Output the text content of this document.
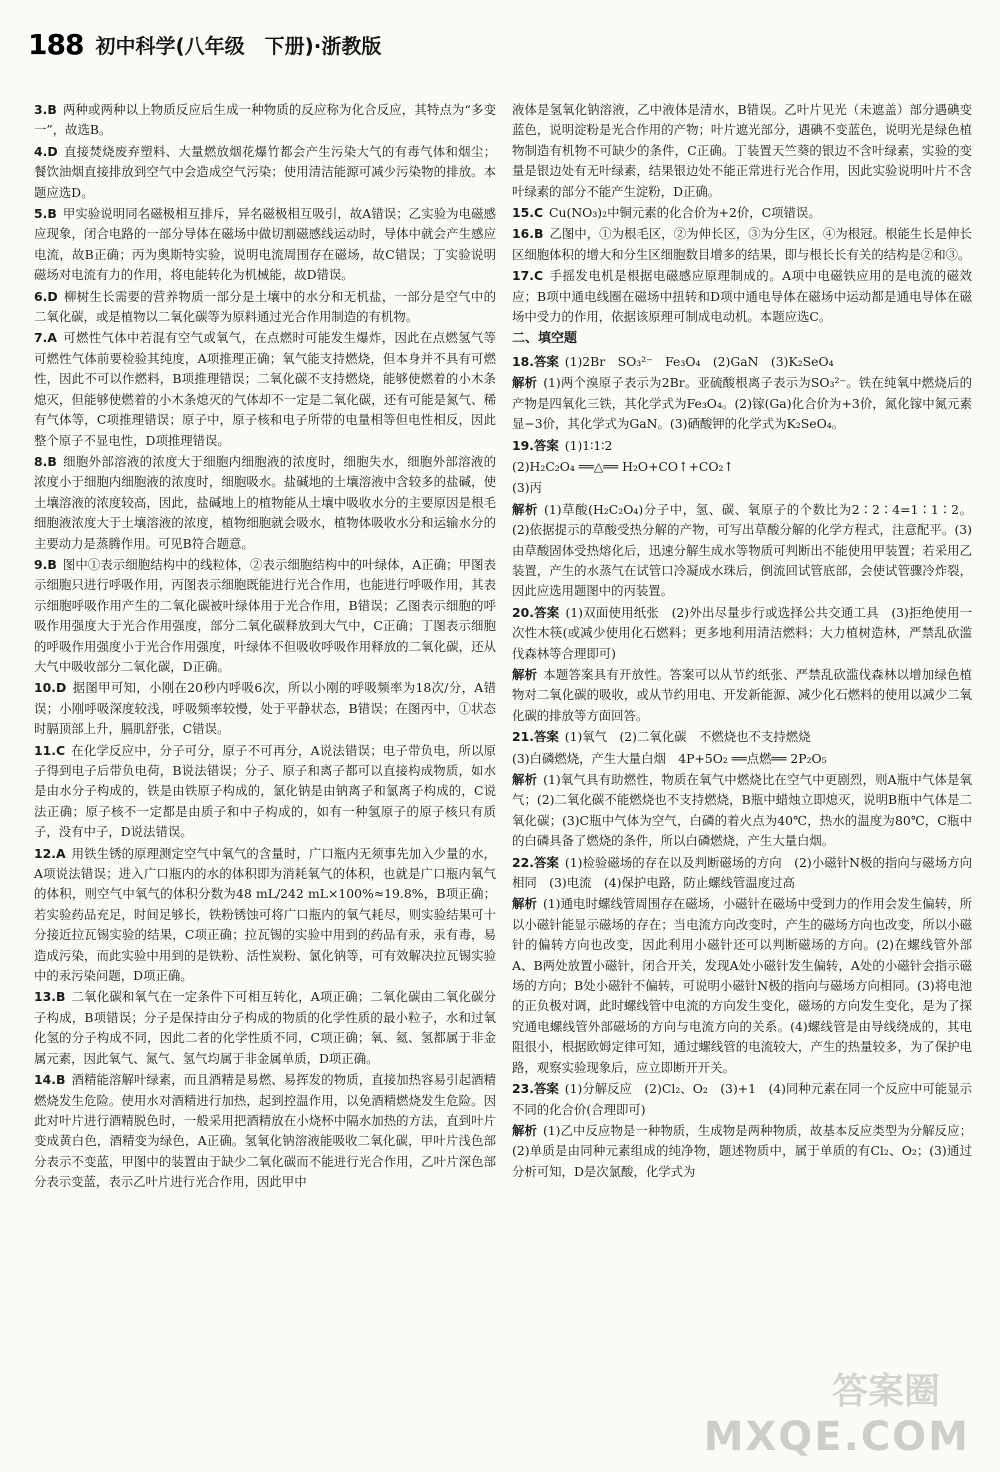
188 初中科学(八年级　下册)·浙教版

3.B 两种或两种以上物质反应后生成一种物质的反应称为化合反应，其特点为“多变一”，故选B。

4.D 直接焚烧废弃塑料、大量燃放烟花爆竹都会产生污染大气的有毒气体和烟尘；餐饮油烟直接排放到空气中会造成空气污染；使用清洁能源可减少污染物的排放。本题应选D。

5.B 甲实验说明同名磁极相互排斥，异名磁极相互吸引，故A错误；乙实验为电磁感应现象，闭合电路的一部分导体在磁场中做切割磁感线运动时，导体中就会产生感应电流，故B正确；丙为奥斯特实验，说明电流周围存在磁场，故C错误；丁实验说明磁场对电流有力的作用，将电能转化为机械能，故D错误。

6.D 柳树生长需要的营养物质一部分是土壤中的水分和无机盐，一部分是空气中的二氧化碳，或是植物以二氧化碳等为原料通过光合作用制造的有机物。

7.A 可燃性气体中若混有空气或氧气，在点燃时可能发生爆炸，因此在点燃氢气等可燃性气体前要检验其纯度，A项推理正确；氧气能支持燃烧，但本身并不具有可燃性，因此不可以作燃料，B项推理错误；二氧化碳不支持燃烧，能够使燃着的小木条熄灭，但能够使燃着的小木条熄灭的气体却不一定是二氧化碳，还有可能是氮气、稀有气体等，C项推理错误；原子中，原子核和电子所带的电量相等但电性相反，因此整个原子不显电性，D项推理错误。

8.B 细胞外部溶液的浓度大于细胞内细胞液的浓度时，细胞失水，细胞外部溶液的浓度小于细胞内细胞液的浓度时，细胞吸水。盐碱地的土壤溶液中含较多的盐碱，使土壤溶液的浓度较高，因此，盐碱地上的植物能从土壤中吸收水分的主要原因是根毛细胞液浓度大于土壤溶液的浓度，植物细胞就会吸水，植物体吸收水分和运输水分的主要动力是蒸腾作用。可见B符合题意。

9.B 图中①表示细胞结构中的线粒体，②表示细胞结构中的叶绿体，A正确；甲图表示细胞只进行呼吸作用，丙图表示细胞既能进行光合作用，也能进行呼吸作用，其表示细胞呼吸作用产生的二氧化碳被叶绿体用于光合作用，B错误；乙图表示细胞的呼吸作用强度大于光合作用强度，部分二氧化碳释放到大气中，C正确；丁图表示细胞的呼吸作用强度小于光合作用强度，叶绿体不但吸收呼吸作用释放的二氧化碳，还从大气中吸收部分二氧化碳，D正确。

10.D 据图甲可知，小刚在20秒内呼吸6次，所以小刚的呼吸频率为18次/分，A错误；小刚呼吸深度较浅，呼吸频率较慢，处于平静状态，B错误；在图丙中，①状态时膈顶部上升，膈肌舒张，C错误。

11.C 在化学反应中，分子可分，原子不可再分，A说法错误；电子带负电，所以原子得到电子后带负电荷，B说法错误；分子、原子和离子都可以直接构成物质，如水是由水分子构成的，铁是由铁原子构成的，氯化钠是由钠离子和氯离子构成的，C说法正确；原子核不一定都是由质子和中子构成的，如有一种氢原子的原子核只有质子，没有中子，D说法错误。

12.A 用铁生锈的原理测定空气中氧气的含量时，广口瓶内无须事先加入少量的水，A项说法错误；进入广口瓶内的水的体积即为消耗氧气的体积，也就是广口瓶内氧气的体积，则空气中氧气的体积分数为48 mL/242 mL×100%≈19.8%，B项正确；若实验药品充足，时间足够长，铁粉锈蚀可将广口瓶内的氧气耗尽，则实验结果可十分接近拉瓦锡实验的结果，C项正确；拉瓦锡的实验中用到的药品有汞，汞有毒，易造成污染，而此实验中用到的是铁粉、活性炭粉、氯化钠等，可有效解决拉瓦锡实验中的汞污染问题，D项正确。

13.B 二氧化碳和氧气在一定条件下可相互转化，A项正确；二氧化碳由二氧化碳分子构成，B项错误；分子是保持由分子构成的物质的化学性质的最小粒子，水和过氧化氢的分子构成不同，因此二者的化学性质不同，C项正确；氧、氦、氢都属于非金属元素，因此氧气、氮气、氢气均属于非金属单质，D项正确。

14.B 酒精能溶解叶绿素，而且酒精是易燃、易挥发的物质，直接加热容易引起酒精燃烧发生危险。使用水对酒精进行加热，起到控温作用，以免酒精燃烧发生危险。因此对叶片进行酒精脱色时，一般采用把酒精放在小烧杯中隔水加热的方法，直到叶片变成黄白色，酒精变为绿色，A正确。氢氧化钠溶液能吸收二氧化碳，甲叶片浅色部分表示不变蓝，甲图中的装置由于缺少二氧化碳而不能进行光合作用，乙叶片深色部分表示变蓝，表示乙叶片进行光合作用，因此甲中

液体是氢氧化钠溶液，乙中液体是清水，B错误。乙叶片见光（未遮盖）部分遇碘变蓝色，说明淀粉是光合作用的产物；叶片遮光部分，遇碘不变蓝色，说明光是绿色植物制造有机物不可缺少的条件，C正确。丁装置天竺葵的银边不含叶绿素，实验的变量是银边处有无叶绿素，结果银边处不能正常进行光合作用，因此实验说明叶片不含叶绿素的部分不能产生淀粉，D正确。

15.C Cu(NO₃)₂中铜元素的化合价为+2价，C项错误。

16.B 乙图中，①为根毛区，②为伸长区，③为分生区，④为根冠。根能生长是伸长区细胞体积的增大和分生区细胞数目增多的结果，即与根长长有关的结构是②和③。

17.C 手摇发电机是根据电磁感应原理制成的。A项中电磁铁应用的是电流的磁效应；B项中通电线圈在磁场中扭转和D项中通电导体在磁场中运动都是通电导体在磁场中受力的作用，依据该原理可制成电动机。本题应选C。

二、填空题

18.答案 (1)2Br　SO₃²⁻　Fe₃O₄　(2)GaN　(3)K₂SeO₄

解析 (1)两个溴原子表示为2Br。亚硫酸根离子表示为SO₃²⁻。铁在纯氧中燃烧后的产物是四氧化三铁，其化学式为Fe₃O₄。(2)镓(Ga)化合价为+3价，氮化镓中氮元素显−3价，其化学式为GaN。(3)硒酸钾的化学式为K₂SeO₄。

19.答案 (1)1∶1∶2

(2)H₂C₂O₄ ══△══ H₂O+CO↑+CO₂↑

(3)丙

解析 (1)草酸(H₂C₂O₄)分子中，氢、碳、氧原子的个数比为2∶2∶4=1∶1∶2。(2)依据提示的草酸受热分解的产物，可写出草酸分解的化学方程式，注意配平。(3)由草酸固体受热熔化后，迅速分解生成水等物质可判断出不能使用甲装置；若采用乙装置，产生的水蒸气在试管口冷凝成水珠后，倒流回试管底部，会使试管骤冷炸裂，因此应选用题图中的丙装置。

20.答案 (1)双面使用纸张　(2)外出尽量步行或选择公共交通工具　(3)拒绝使用一次性木筷(或减少使用化石燃料；更多地利用清洁燃料；大力植树造林，严禁乱砍滥伐森林等合理即可)

解析 本题答案具有开放性。答案可以从节约纸张、严禁乱砍滥伐森林以增加绿色植物对二氧化碳的吸收，或从节约用电、开发新能源、减少化石燃料的使用以减少二氧化碳的排放等方面回答。

21.答案 (1)氧气　(2)二氧化碳　不燃烧也不支持燃烧

(3)白磷燃烧，产生大量白烟　4P+5O₂ ══点燃══ 2P₂O₅

解析 (1)氧气具有助燃性，物质在氧气中燃烧比在空气中更剧烈，则A瓶中气体是氧气；(2)二氧化碳不能燃烧也不支持燃烧，B瓶中蜡烛立即熄灭，说明B瓶中气体是二氧化碳；(3)C瓶中气体为空气，白磷的着火点为40℃，热水的温度为80℃，C瓶中的白磷具备了燃烧的条件，所以白磷燃烧，产生大量白烟。

22.答案 (1)检验磁场的存在以及判断磁场的方向　(2)小磁针N极的指向与磁场方向相同　(3)电流　(4)保护电路，防止螺线管温度过高

解析 (1)通电时螺线管周围存在磁场，小磁针在磁场中受到力的作用会发生偏转，所以小磁针能显示磁场的存在；当电流方向改变时，产生的磁场方向也改变，所以小磁针的偏转方向也改变，因此利用小磁针还可以判断磁场的方向。(2)在螺线管外部A、B两处放置小磁针，闭合开关，发现A处小磁针发生偏转，A处的小磁针会指示磁场的方向；B处小磁针不偏转，可说明小磁针N极的指向与磁场方向相同。(3)将电池的正负极对调，此时螺线管中电流的方向发生变化，磁场的方向发生变化，是为了探究通电螺线管外部磁场的方向与电流方向的关系。(4)螺线管是由导线绕成的，其电阻很小，根据欧姆定律可知，通过螺线管的电流较大，产生的热量较多，为了保护电路，观察实验现象后，应立即断开开关。

23.答案 (1)分解反应　(2)Cl₂、O₂　(3)+1　(4)同种元素在同一个反应中可能显示不同的化合价(合理即可)

解析 (1)乙中反应物是一种物质，生成物是两种物质，故基本反应类型为分解反应；(2)单质是由同种元素组成的纯净物，题述物质中，属于单质的有Cl₂、O₂；(3)通过分析可知，D是次氯酸，化学式为

答案圈
MXQE.COM
